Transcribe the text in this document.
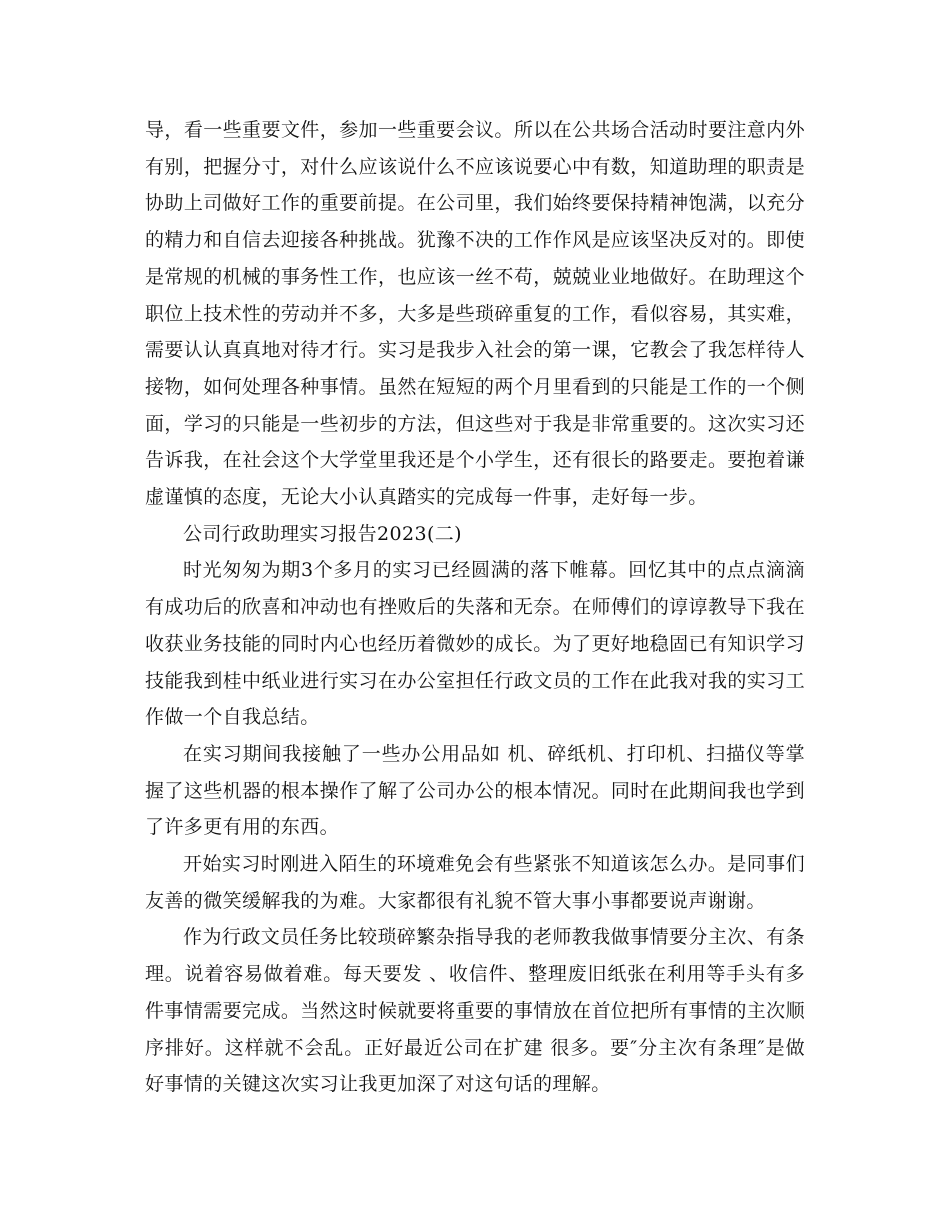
导，看一些重要文件，参加一些重要会议。所以在公共场合活动时要注意内外有别，把握分寸，对什么应该说什么不应该说要心中有数，知道助理的职责是协助上司做好工作的重要前提。在公司里，我们始终要保持精神饱满，以充分的精力和自信去迎接各种挑战。犹豫不决的工作作风是应该坚决反对的。即使是常规的机械的事务性工作，也应该一丝不苟，兢兢业业地做好。在助理这个职位上技术性的劳动并不多，大多是些琐碎重复的工作，看似容易，其实难，需要认认真真地对待才行。实习是我步入社会的第一课，它教会了我怎样待人接物，如何处理各种事情。虽然在短短的两个月里看到的只能是工作的一个侧面，学习的只能是一些初步的方法，但这些对于我是非常重要的。这次实习还告诉我，在社会这个大学堂里我还是个小学生，还有很长的路要走。要抱着谦虚谨慎的态度，无论大小认真踏实的完成每一件事，走好每一步。

公司行政助理实习报告2023(二)

时光匆匆为期3个多月的实习已经圆满的落下帷幕。回忆其中的点点滴滴有成功后的欣喜和冲动也有挫败后的失落和无奈。在师傅们的谆谆教导下我在收获业务技能的同时内心也经历着微妙的成长。为了更好地稳固已有知识学习技能我到桂中纸业进行实习在办公室担任行政文员的工作在此我对我的实习工作做一个自我总结。

在实习期间我接触了一些办公用品如 机、碎纸机、打印机、扫描仪等掌握了这些机器的根本操作了解了公司办公的根本情况。同时在此期间我也学到了许多更有用的东西。

开始实习时刚进入陌生的环境难免会有些紧张不知道该怎么办。是同事们友善的微笑缓解我的为难。大家都很有礼貌不管大事小事都要说声谢谢。

作为行政文员任务比较琐碎繁杂指导我的老师教我做事情要分主次、有条理。说着容易做着难。每天要发 、收信件、整理废旧纸张在利用等手头有多件事情需要完成。当然这时候就要将重要的事情放在首位把所有事情的主次顺序排好。这样就不会乱。正好最近公司在扩建 很多。要″分主次有条理″是做好事情的关键这次实习让我更加深了对这句话的理解。
